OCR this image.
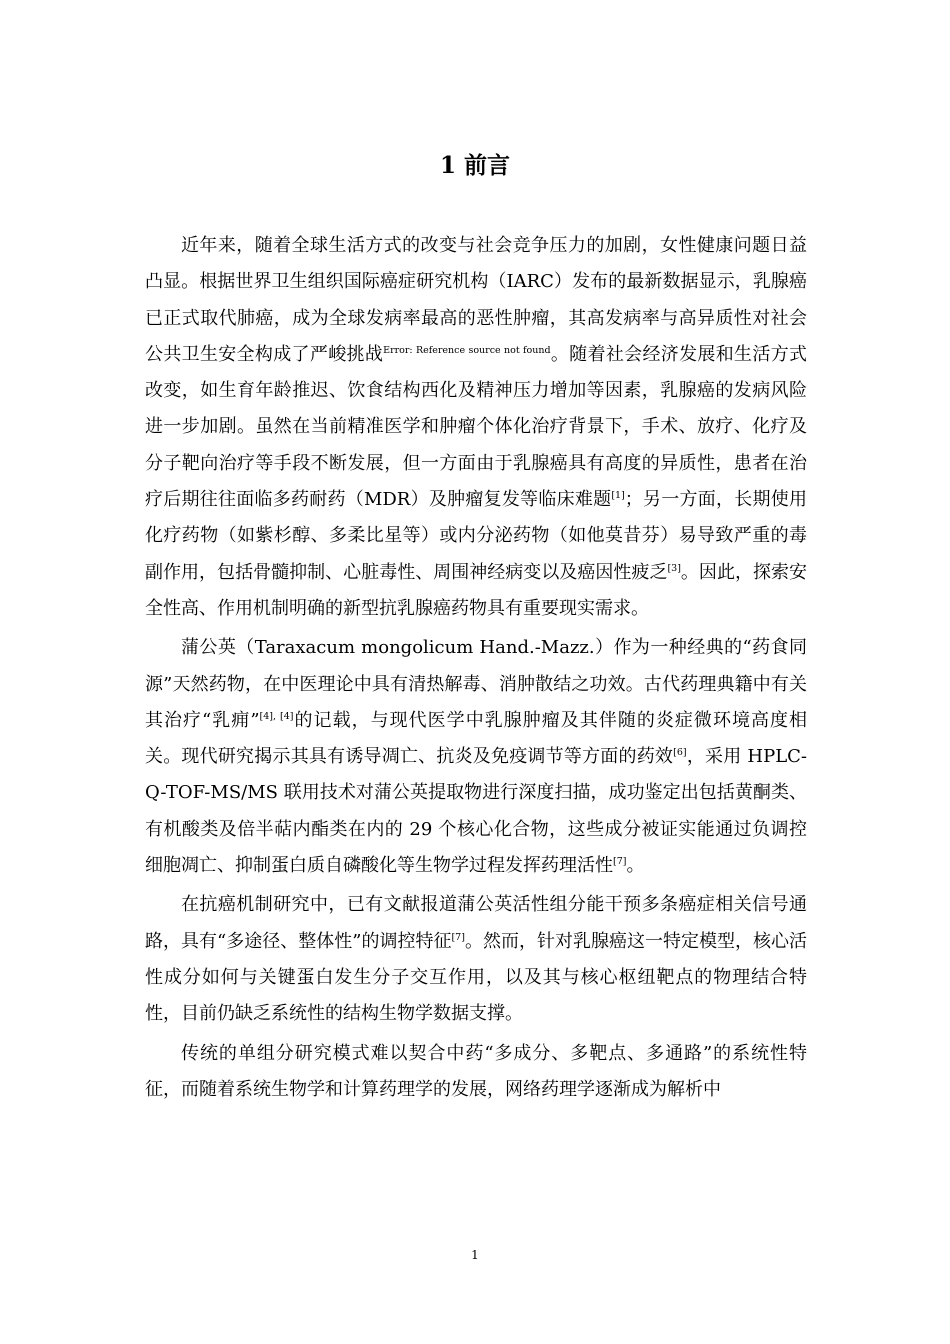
1 前言

近年来，随着全球生活方式的改变与社会竞争压力的加剧，女性健康问题日益凸显。根据世界卫生组织国际癌症研究机构（IARC）发布的最新数据显示，乳腺癌已正式取代肺癌，成为全球发病率最高的恶性肿瘤，其高发病率与高异质性对社会公共卫生安全构成了严峻挑战$^{Error: Reference source not found}$。随着社会经济发展和生活方式改变，如生育年龄推迟、饮食结构西化及精神压力增加等因素，乳腺癌的发病风险进一步加剧。虽然在当前精准医学和肿瘤个体化治疗背景下，手术、放疗、化疗及分子靶向治疗等手段不断发展，但一方面由于乳腺癌具有高度的异质性，患者在治疗后期往往面临多药耐药（MDR）及肿瘤复发等临床难题[1]；另一方面，长期使用化疗药物（如紫杉醇、多柔比星等）或内分泌药物（如他莫昔芬）易导致严重的毒副作用，包括骨髓抑制、心脏毒性、周围神经病变以及癌因性疲乏[3]。因此，探索安全性高、作用机制明确的新型抗乳腺癌药物具有重要现实需求。

蒲公英（Taraxacum mongolicum Hand.-Mazz.）作为一种经典的“药食同源”天然药物，在中医理论中具有清热解毒、消肿散结之功效。古代药理典籍中有关其治疗“乳痈”[4], [4]的记载，与现代医学中乳腺肿瘤及其伴随的炎症微环境高度相关。现代研究揭示其具有诱导凋亡、抗炎及免疫调节等方面的药效[6]，采用 HPLC-Q-TOF-MS/MS 联用技术对蒲公英提取物进行深度扫描，成功鉴定出包括黄酮类、有机酸类及倍半萜内酯类在内的 29 个核心化合物，这些成分被证实能通过负调控细胞凋亡、抑制蛋白质自磷酸化等生物学过程发挥药理活性[7]。

在抗癌机制研究中，已有文献报道蒲公英活性组分能干预多条癌症相关信号通路，具有“多途径、整体性”的调控特征[7]。然而，针对乳腺癌这一特定模型，核心活性成分如何与关键蛋白发生分子交互作用，以及其与核心枢纽靶点的物理结合特性，目前仍缺乏系统性的结构生物学数据支撑。

传统的单组分研究模式难以契合中药“多成分、多靶点、多通路”的系统性特征，而随着系统生物学和计算药理学的发展，网络药理学逐渐成为解析中

1
